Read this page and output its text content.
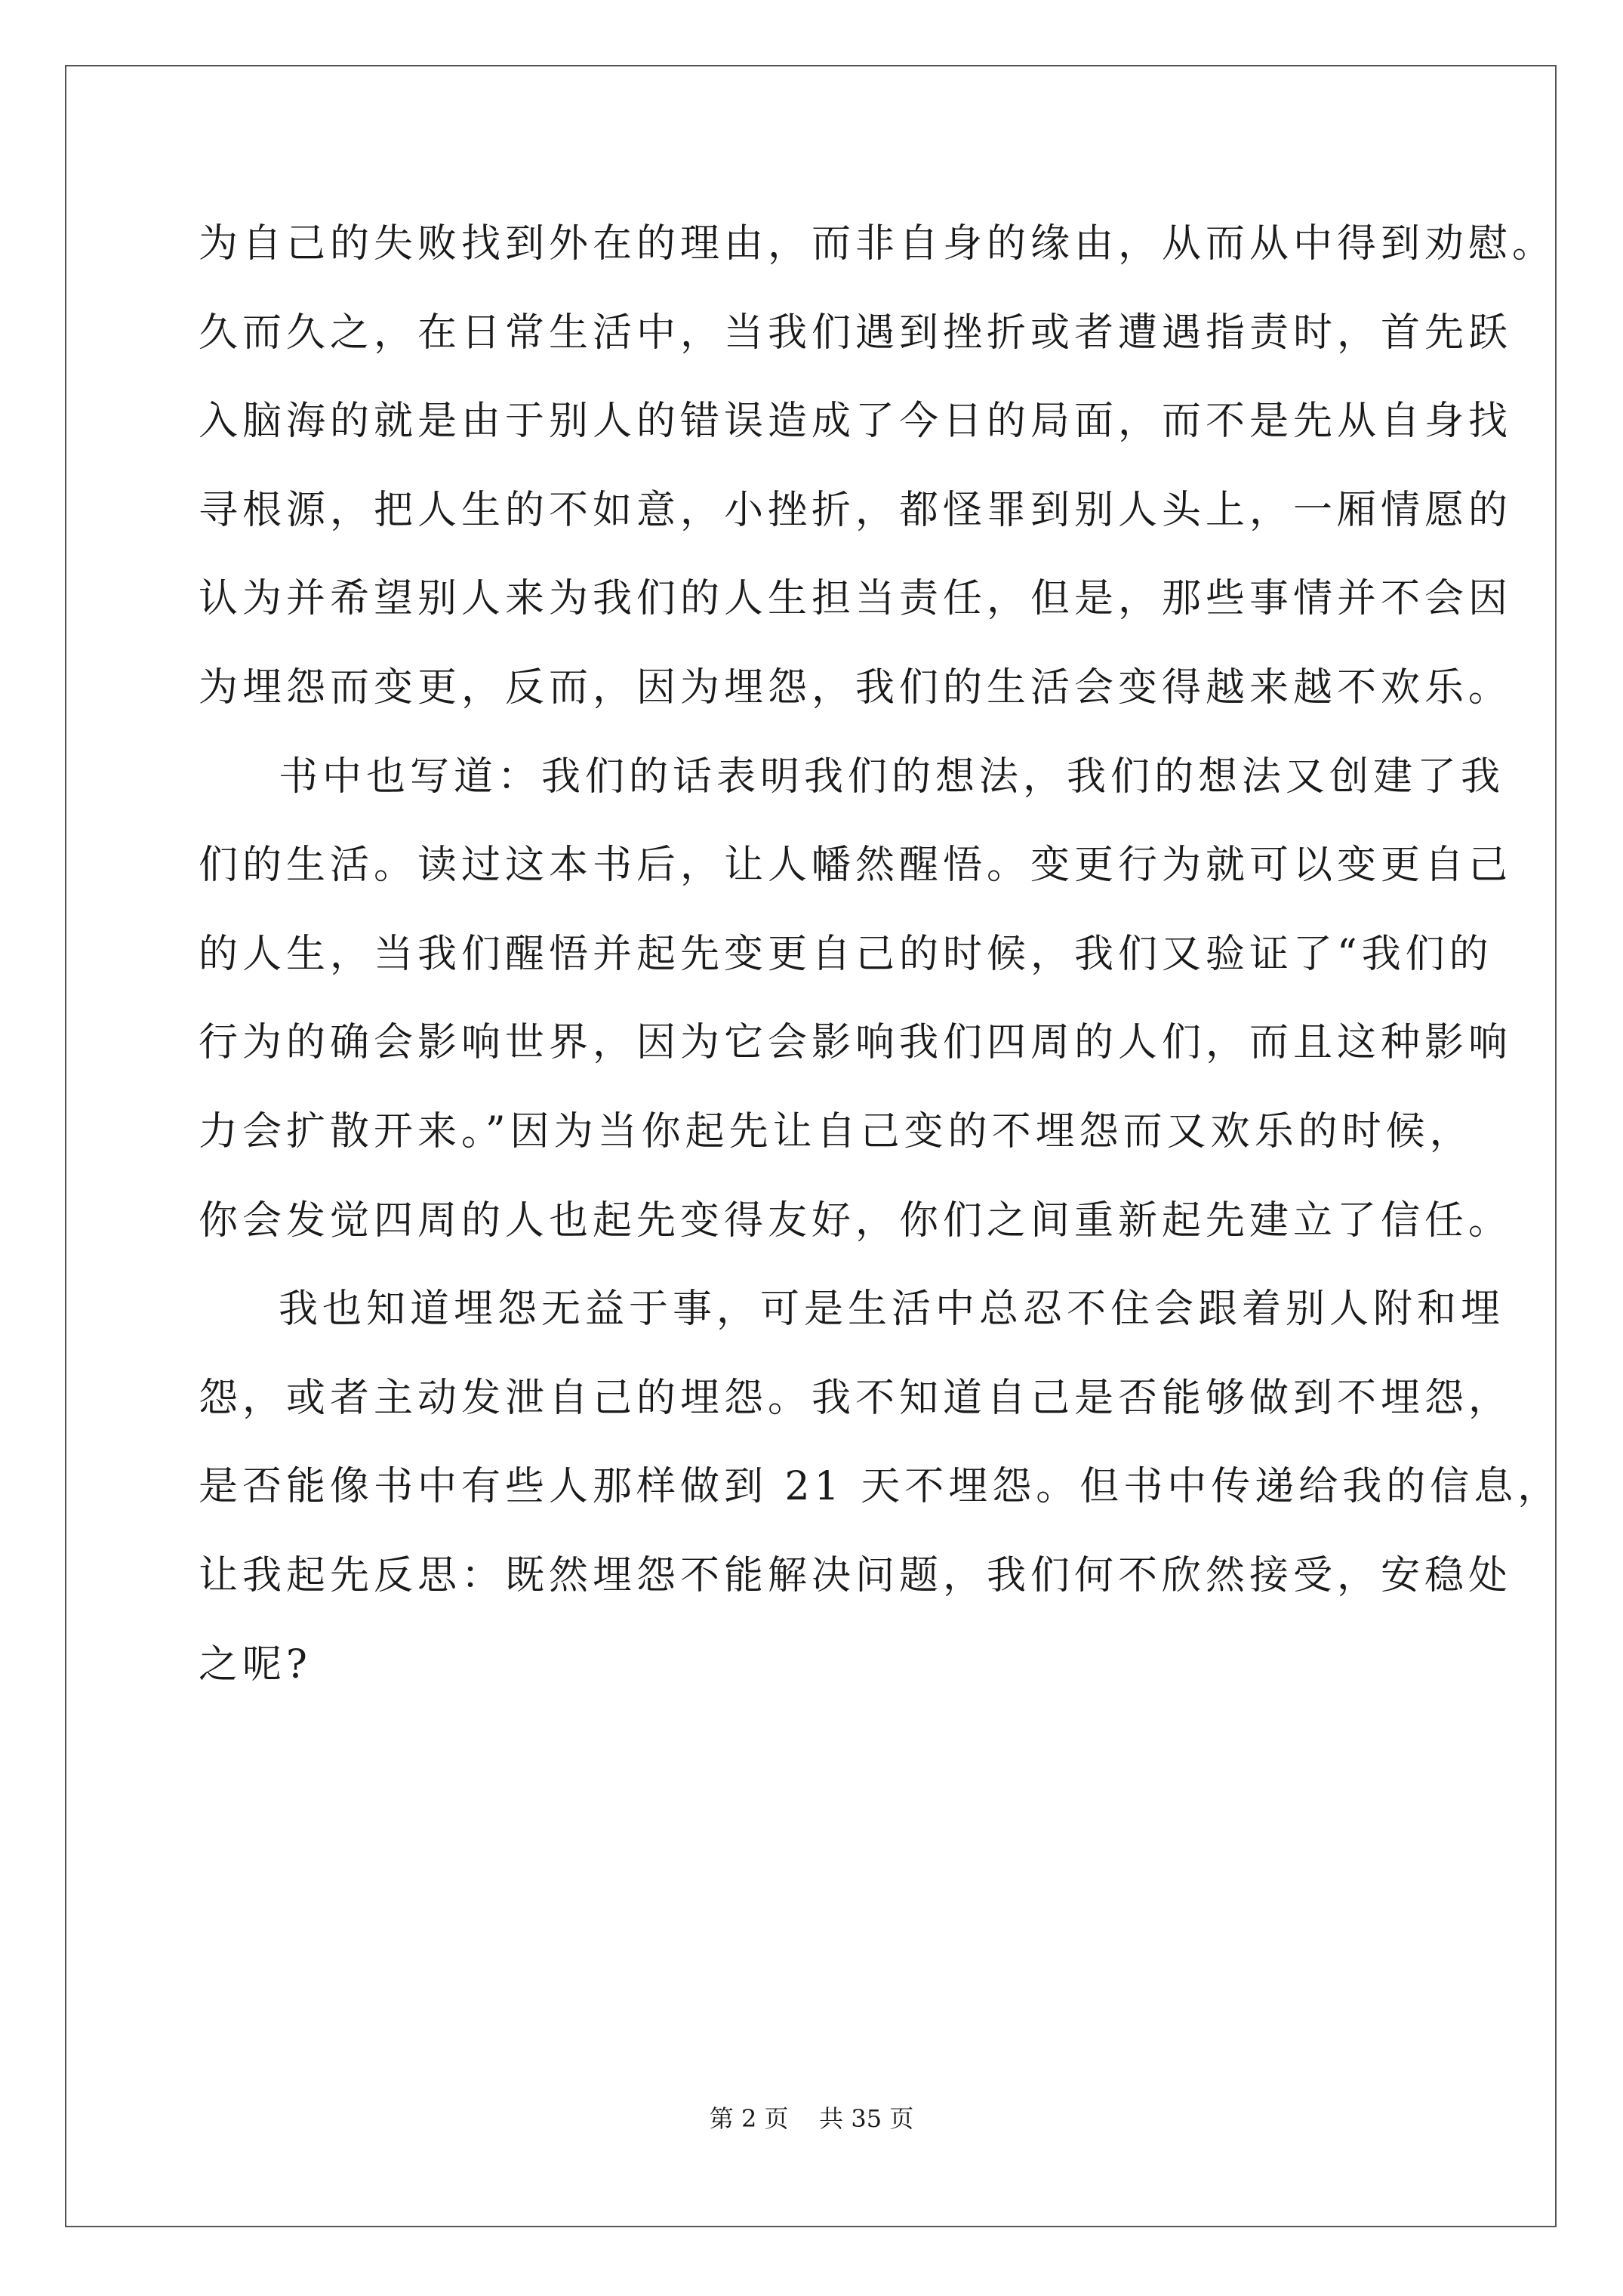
为自己的失败找到外在的理由，而非自身的缘由，从而从中得到劝慰。
久而久之，在日常生活中，当我们遇到挫折或者遭遇指责时，首先跃
入脑海的就是由于别人的错误造成了今日的局面，而不是先从自身找
寻根源，把人生的不如意，小挫折，都怪罪到别人头上，一厢情愿的
认为并希望别人来为我们的人生担当责任，但是，那些事情并不会因
为埋怨而变更，反而，因为埋怨，我们的生活会变得越来越不欢乐。
书中也写道：我们的话表明我们的想法，我们的想法又创建了我
们的生活。读过这本书后，让人幡然醒悟。变更行为就可以变更自己
的人生，当我们醒悟并起先变更自己的时候，我们又验证了“我们的
行为的确会影响世界，因为它会影响我们四周的人们，而且这种影响
力会扩散开来。”因为当你起先让自己变的不埋怨而又欢乐的时候，
你会发觉四周的人也起先变得友好，你们之间重新起先建立了信任。
我也知道埋怨无益于事，可是生活中总忍不住会跟着别人附和埋
怨，或者主动发泄自己的埋怨。我不知道自己是否能够做到不埋怨，
是否能像书中有些人那样做到 21 天不埋怨。但书中传递给我的信息，
让我起先反思：既然埋怨不能解决问题，我们何不欣然接受，安稳处
之呢?
第 2 页    共 35 页
